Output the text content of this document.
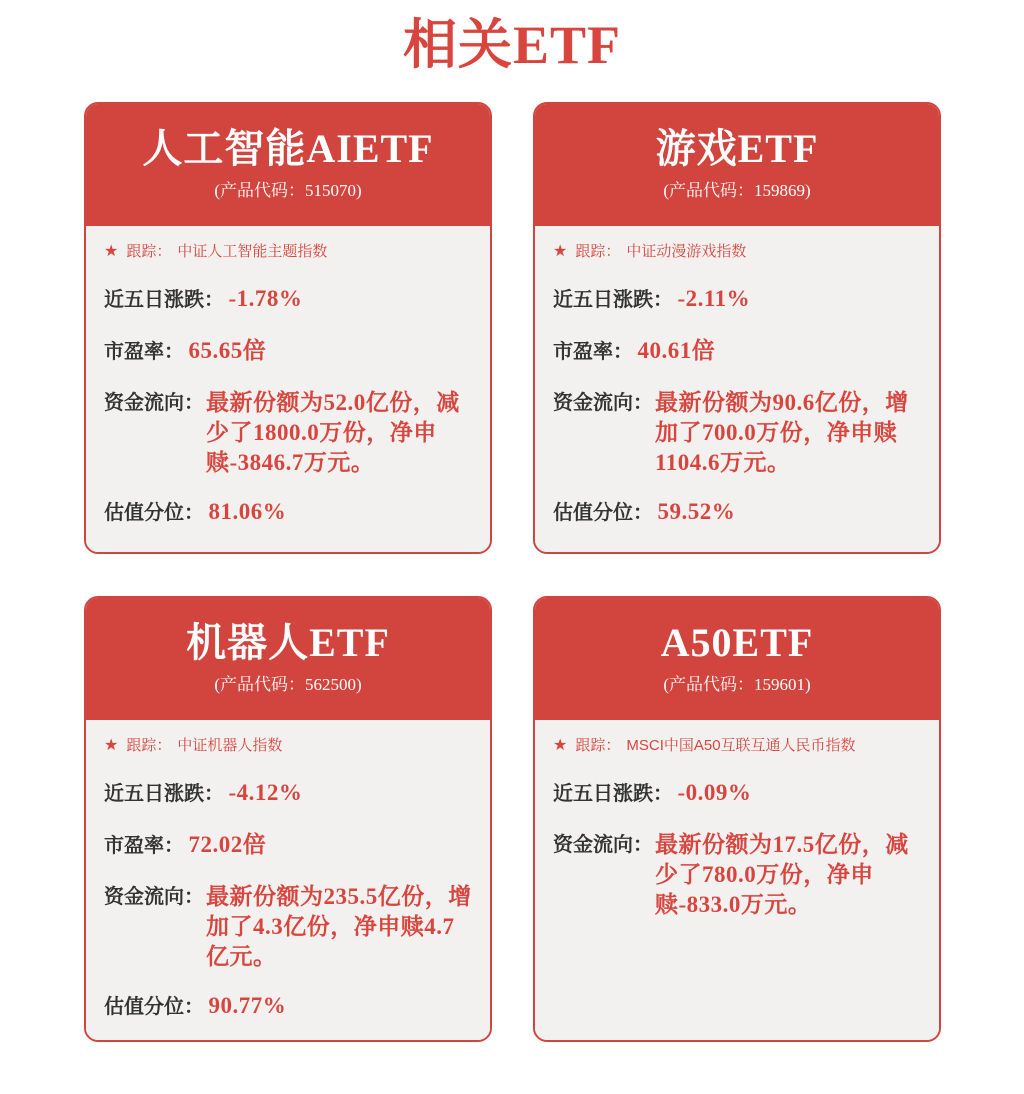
相关ETF
人工智能AIETF
(产品代码：515070)
★ 跟踪： 中证人工智能主题指数
近五日涨跌： -1.78%
市盈率： 65.65倍
资金流向： 最新份额为52.0亿份，减少了1800.0万份，净申赎-3846.7万元。
估值分位： 81.06%
游戏ETF
(产品代码：159869)
★ 跟踪： 中证动漫游戏指数
近五日涨跌： -2.11%
市盈率： 40.61倍
资金流向： 最新份额为90.6亿份，增加了700.0万份，净申赎1104.6万元。
估值分位： 59.52%
机器人ETF
(产品代码：562500)
★ 跟踪： 中证机器人指数
近五日涨跌： -4.12%
市盈率： 72.02倍
资金流向： 最新份额为235.5亿份，增加了4.3亿份，净申赎4.7亿元。
估值分位： 90.77%
A50ETF
(产品代码：159601)
★ 跟踪： MSCI中国A50互联互通人民币指数
近五日涨跌： -0.09%
资金流向： 最新份额为17.5亿份，减少了780.0万份，净申赎-833.0万元。
